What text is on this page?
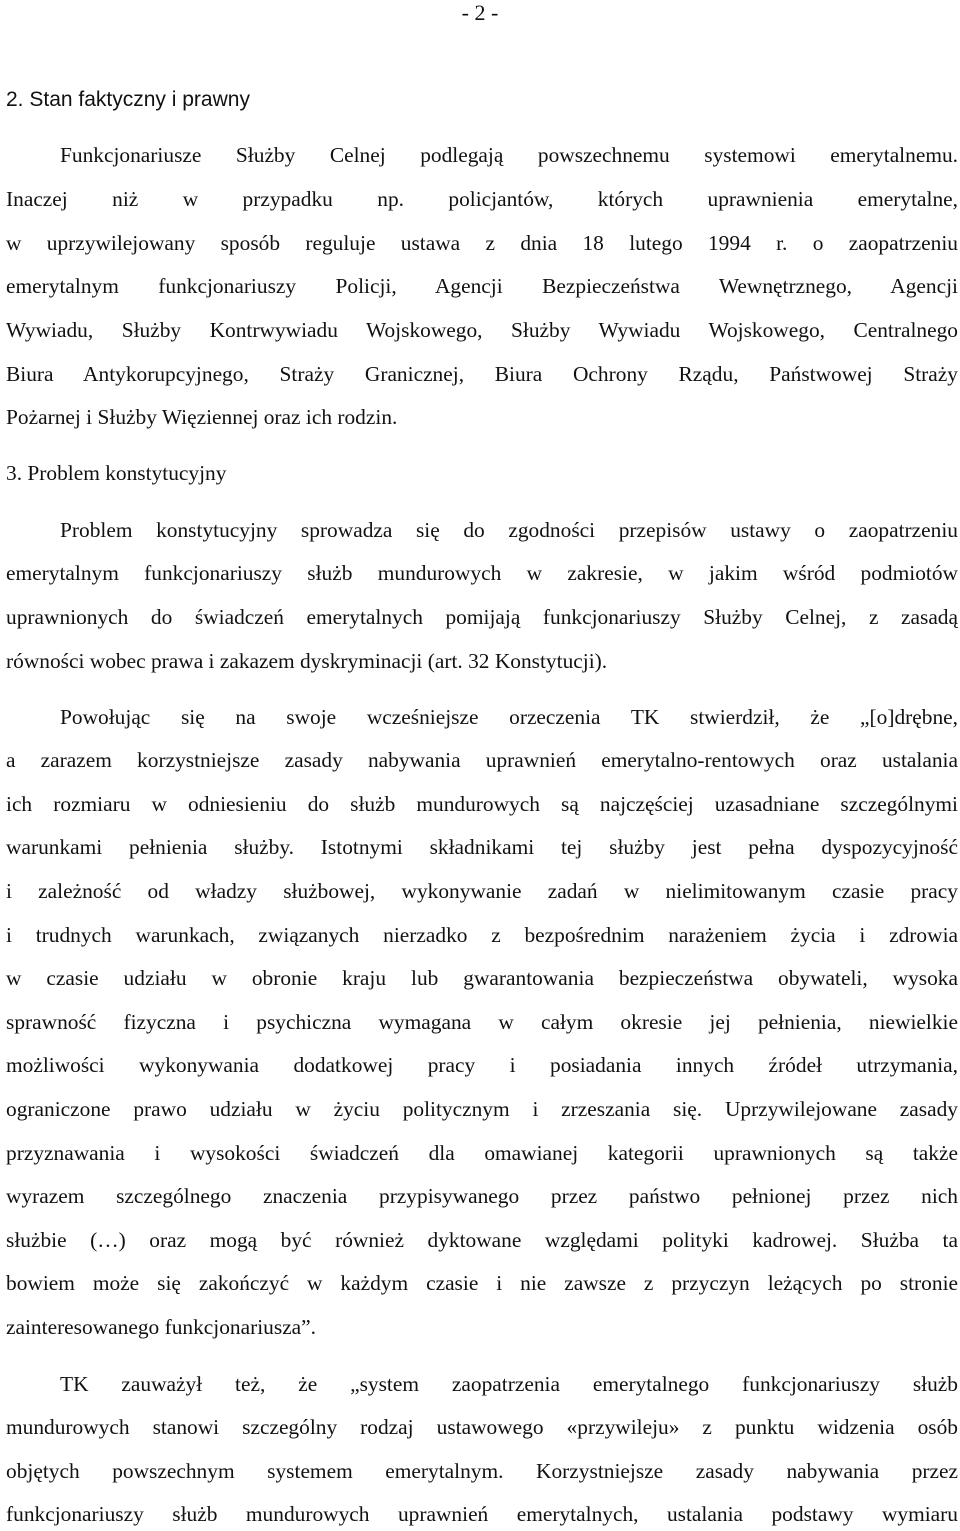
- 2 -
2. Stan faktyczny i prawny
Funkcjonariusze Służby Celnej podlegają powszechnemu systemowi emerytalnemu.
Inaczej niż w przypadku np. policjantów, których uprawnienia emerytalne,
w uprzywilejowany sposób reguluje ustawa z dnia 18 lutego 1994 r. o zaopatrzeniu
emerytalnym funkcjonariuszy Policji, Agencji Bezpieczeństwa Wewnętrznego, Agencji
Wywiadu, Służby Kontrwywiadu Wojskowego, Służby Wywiadu Wojskowego, Centralnego
Biura Antykorupcyjnego, Straży Granicznej, Biura Ochrony Rządu, Państwowej Straży
Pożarnej i Służby Więziennej oraz ich rodzin.
3. Problem konstytucyjny
Problem konstytucyjny sprowadza się do zgodności przepisów ustawy o zaopatrzeniu
emerytalnym funkcjonariuszy służb mundurowych w zakresie, w jakim wśród podmiotów
uprawnionych do świadczeń emerytalnych pomijają funkcjonariuszy Służby Celnej, z zasadą
równości wobec prawa i zakazem dyskryminacji (art. 32 Konstytucji).
Powołując się na swoje wcześniejsze orzeczenia TK stwierdził, że „[o]drębne,
a zarazem korzystniejsze zasady nabywania uprawnień emerytalno-rentowych oraz ustalania
ich rozmiaru w odniesieniu do służb mundurowych są najczęściej uzasadniane szczególnymi
warunkami pełnienia służby. Istotnymi składnikami tej służby jest pełna dyspozycyjność
i zależność od władzy służbowej, wykonywanie zadań w nielimitowanym czasie pracy
i trudnych warunkach, związanych nierzadko z bezpośrednim narażeniem życia i zdrowia
w czasie udziału w obronie kraju lub gwarantowania bezpieczeństwa obywateli, wysoka
sprawność fizyczna i psychiczna wymagana w całym okresie jej pełnienia, niewielkie
możliwości wykonywania dodatkowej pracy i posiadania innych źródeł utrzymania,
ograniczone prawo udziału w życiu politycznym i zrzeszania się. Uprzywilejowane zasady
przyznawania i wysokości świadczeń dla omawianej kategorii uprawnionych są także
wyrazem szczególnego znaczenia przypisywanego przez państwo pełnionej przez nich
służbie (…) oraz mogą być również dyktowane względami polityki kadrowej. Służba ta
bowiem może się zakończyć w każdym czasie i nie zawsze z przyczyn leżących po stronie
zainteresowanego funkcjonariusza”.
TK zauważył też, że „system zaopatrzenia emerytalnego funkcjonariuszy służb
mundurowych stanowi szczególny rodzaj ustawowego «przywileju» z punktu widzenia osób
objętych powszechnym systemem emerytalnym. Korzystniejsze zasady nabywania przez
funkcjonariuszy służb mundurowych uprawnień emerytalnych, ustalania podstawy wymiaru
